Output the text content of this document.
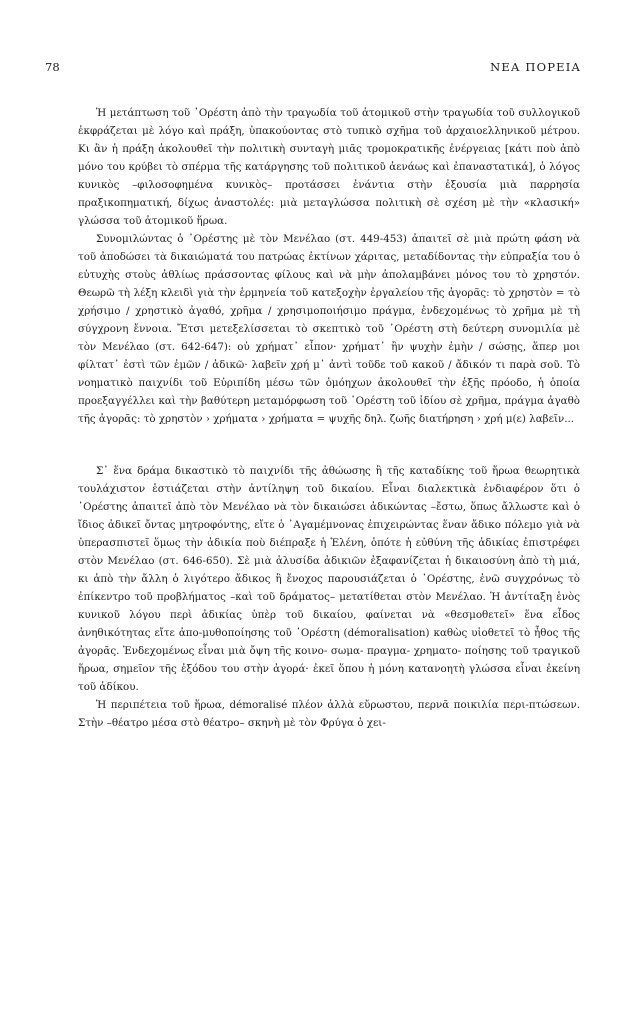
78	ΝΕΑ ΠΟΡΕΙΑ

Ἡ μετάπτωση τοῦ ᾿Ορέστη ἀπὸ τὴν τραγωδία τοῦ ἀτομικοῦ στὴν τραγωδία τοῦ συλλογικοῦ ἐκφράζεται μὲ λόγο καὶ πράξη, ὑπακούοντας στὸ τυπικὸ σχῆμα τοῦ ἀρχαιοελληνικοῦ μέτρου. Κι ἂν ἡ πράξη ἀκολουθεῖ τὴν πολιτικὴ συνταγὴ μιᾶς τρομοκρατικῆς ἐνέργειας [κάτι ποὺ ἀπὸ μόνο του κρύβει τὸ σπέρμα τῆς κατάργησης τοῦ πολιτικοῦ ἀενάως καὶ ἐπαναστατικά], ὁ λόγος κυνικὸς –φιλοσοφημένα κυνικὸς– προτάσσει ἐνάντια στὴν ἐξουσία μιὰ παρρησία πραξικοπηματική, δίχως ἀναστολές: μιὰ μεταγλώσσα πολιτικὴ σὲ σχέση μὲ τὴν «κλασική» γλώσσα τοῦ ἀτομικοῦ ἥρωα.

Συνομιλώντας ὁ ᾿Ορέστης μὲ τὸν Μενέλαο (στ. 449-453) ἀπαιτεῖ σὲ μιὰ πρώτη φάση νὰ τοῦ ἀποδώσει τὰ δικαιώματά του πατρώας ἐκτίνων χάριτας, μεταδίδοντας τὴν εὐπραξία του ὁ εὐτυχὴς στοὺς ἀθλίως πράσσοντας φίλους καὶ νὰ μὴν ἀπολαμβάνει μόνος του τὸ χρηστόν. Θεωρῶ τὴ λέξη κλειδὶ γιὰ τὴν ἑρμηνεία τοῦ κατεξοχὴν ἐργαλείου τῆς ἀγορᾶς: τὸ χρηστὸν = τὸ χρήσιμο / χρηστικὸ ἀγαθό, χρῆμα / χρησιμοποιήσιμο πράγμα, ἐνδεχομένως τὸ χρῆμα μὲ τὴ σύγχρονη ἔννοια. Ἔτσι μετεξελίσσεται τὸ σκεπτικὸ τοῦ ᾿Ορέστη στὴ δεύτερη συνομιλία μὲ τὸν Μενέλαο (στ. 642-647): οὐ χρήματ᾿ εἶπον· χρήματ᾿ ἢν ψυχὴν ἐμὴν / σώσῃς, ἅπερ μοι φίλτατ᾿ ἐστὶ τῶν ἐμῶν / ἀδικῶ· λαβεῖν χρή μ᾿ ἀντὶ τοῦδε τοῦ κακοῦ / ἄδικόν τι παρὰ σοῦ. Τὸ νοηματικὸ παιχνίδι τοῦ Εὐριπίδη μέσω τῶν ὁμόηχων ἀκολουθεῖ τὴν ἑξῆς πρόοδο, ἡ ὁποία προεξαγγέλλει καὶ τὴν βαθύτερη μεταμόρφωση τοῦ ᾿Ορέστη τοῦ ἰδίου σὲ χρῆμα, πράγμα ἀγαθὸ τῆς ἀγορᾶς: τὸ χρηστὸν › χρήματα › χρήματα = ψυχῆς δηλ. ζωῆς διατήρηση › χρή μ(ε) λαβεῖν...

Σ᾿ ἕνα δράμα δικαστικὸ τὸ παιχνίδι τῆς ἀθώωσης ἢ τῆς καταδίκης τοῦ ἥρωα θεωρητικὰ τουλάχιστον ἑστιάζεται στὴν ἀντίληψη τοῦ δικαίου. Εἶναι διαλεκτικὰ ἐνδιαφέρον ὅτι ὁ ᾿Ορέστης ἀπαιτεῖ ἀπὸ τὸν Μενέλαο νὰ τὸν δικαιώσει ἀδικώντας –ἔστω, ὅπως ἄλλωστε καὶ ὁ ἴδιος ἀδικεῖ ὄντας μητροφόντης, εἴτε ὁ ᾿Αγαμέμνονας ἐπιχειρώντας ἕναν ἄδικο πόλεμο γιὰ νὰ ὑπερασπιστεῖ ὅμως τὴν ἀδικία ποὺ διέπραξε ἡ Ἑλένη, ὁπότε ἡ εὐθύνη τῆς ἀδικίας ἐπιστρέφει στὸν Μενέλαο (στ. 646-650). Σὲ μιὰ ἁλυσίδα ἀδικιῶν ἐξαφανίζεται ἡ δικαιοσύνη ἀπὸ τὴ μιά, κι ἀπὸ τὴν ἄλλη ὁ λιγότερο ἄδικος ἢ ἔνοχος παρουσιάζεται ὁ ᾿Ορέστης, ἐνῶ συγχρόνως τὸ ἐπίκεντρο τοῦ προβλήματος –καὶ τοῦ δράματος– μετατίθεται στὸν Μενέλαο. Ἡ ἀντίταξη ἑνὸς κυνικοῦ λόγου περὶ ἀδικίας ὑπὲρ τοῦ δικαίου, φαίνεται νὰ «θεσμοθετεῖ» ἕνα εἶδος ἀνηθικότητας εἴτε ἀπο-μυθοποίησης τοῦ ᾿Ορέστη (démoralisation) καθὼς υἱοθετεῖ τὸ ἦθος τῆς ἀγορᾶς. Ἐνδεχομένως εἶναι μιὰ ὄψη τῆς κοινο- σωμα- πραγμα- χρηματο- ποίησης τοῦ τραγικοῦ ἥρωα, σημεῖον τῆς ἐξόδου του στὴν ἀγορά· ἐκεῖ ὅπου ἡ μόνη κατανοητὴ γλώσσα εἶναι ἐκείνη τοῦ ἀδίκου.

Ἡ περιπέτεια τοῦ ἥρωα, démoralisé πλέον ἀλλὰ εὔρωστου, περνᾶ ποικιλία περι-πτώσεων. Στὴν –θέατρο μέσα στὸ θέατρο– σκηνὴ μὲ τὸν Φρύγα ὁ χει-
